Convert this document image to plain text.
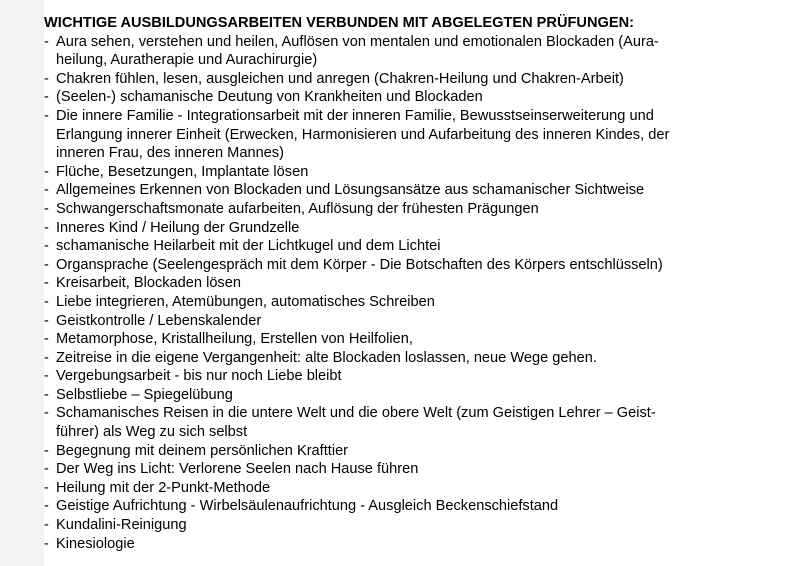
WICHTIGE AUSBILDUNGSARBEITEN VERBUNDEN MIT ABGELEGTEN PRÜFUNGEN:

- Aura sehen, verstehen und heilen, Auflösen von mentalen und emotionalen Blockaden (Aura-
heilung, Auratherapie und Aurachirurgie)
- Chakren fühlen, lesen, ausgleichen und anregen (Chakren-Heilung und Chakren-Arbeit)
- (Seelen-) schamanische Deutung von Krankheiten und Blockaden
- Die innere Familie - Integrationsarbeit mit der inneren Familie, Bewusstseinserweiterung und
Erlangung innerer Einheit (Erwecken, Harmonisieren und Aufarbeitung des inneren Kindes, der
inneren Frau, des inneren Mannes)
- Flüche, Besetzungen, Implantate lösen
- Allgemeines Erkennen von Blockaden und Lösungsansätze aus schamanischer Sichtweise
- Schwangerschaftsmonate aufarbeiten, Auflösung der frühesten Prägungen
- Inneres Kind / Heilung der Grundzelle
- schamanische Heilarbeit mit der Lichtkugel und dem Lichtei
- Organsprache (Seelengespräch mit dem Körper - Die Botschaften des Körpers entschlüsseln)
- Kreisarbeit, Blockaden lösen
- Liebe integrieren, Atemübungen, automatisches Schreiben
- Geistkontrolle / Lebenskalender
- Metamorphose, Kristallheilung, Erstellen von Heilfolien,
- Zeitreise in die eigene Vergangenheit: alte Blockaden loslassen, neue Wege gehen.
- Vergebungsarbeit - bis nur noch Liebe bleibt
- Selbstliebe – Spiegelübung
- Schamanisches Reisen in die untere Welt und die obere Welt (zum Geistigen Lehrer – Geist-
führer) als Weg zu sich selbst
- Begegnung mit deinem persönlichen Krafttier
- Der Weg ins Licht: Verlorene Seelen nach Hause führen
- Heilung mit der 2-Punkt-Methode
- Geistige Aufrichtung - Wirbelsäulenaufrichtung - Ausgleich Beckenschiefstand
- Kundalini-Reinigung
- Kinesiologie
